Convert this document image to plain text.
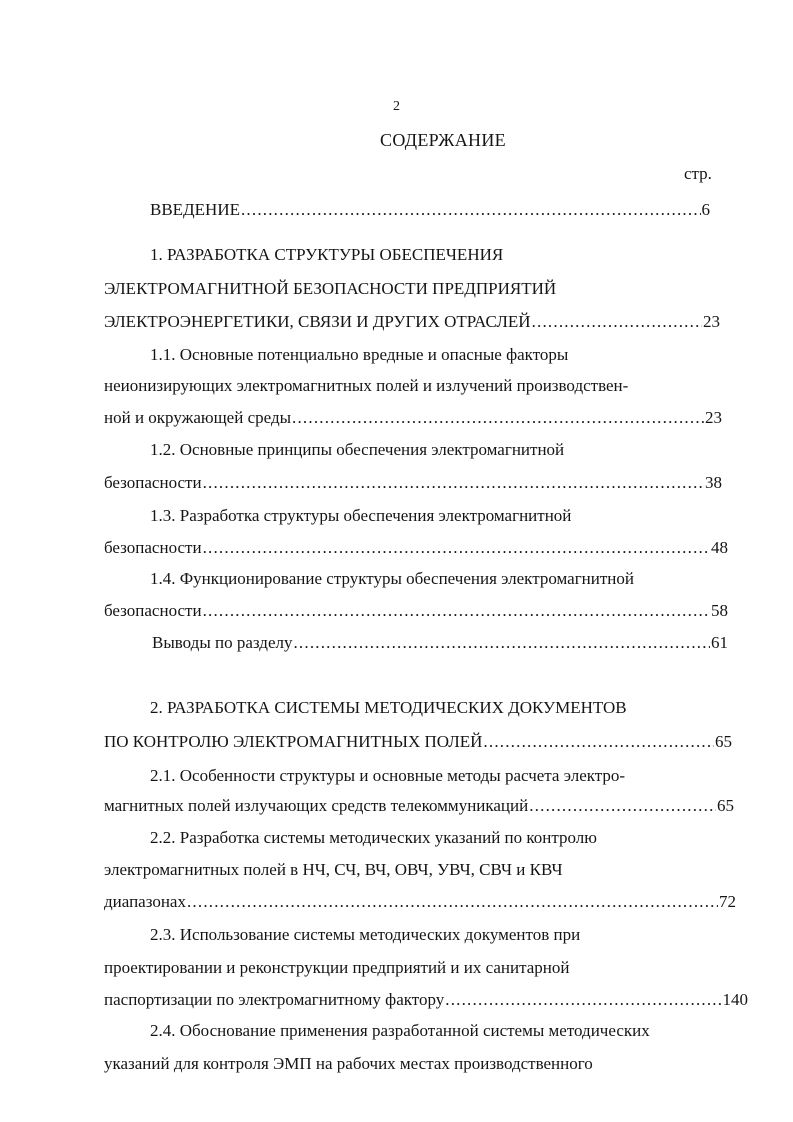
2
СОДЕРЖАНИЕ
стр.
ВВЕДЕНИЕ .....	6
1. РАЗРАБОТКА СТРУКТУРЫ ОБЕСПЕЧЕНИЯ
ЭЛЕКТРОМАГНИТНОЙ БЕЗОПАСНОСТИ ПРЕДПРИЯТИЙ
ЭЛЕКТРОЭНЕРГЕТИКИ, СВЯЗИ И ДРУГИХ ОТРАСЛЕЙ .....	23
1.1. Основные потенциально вредные и опасные факторы
неионизирующих электромагнитных полей и излучений производствен-
ной и окружающей среды .....	23
1.2. Основные принципы обеспечения электромагнитной
безопасности .....	38
1.3. Разработка структуры обеспечения электромагнитной
безопасности .....	48
1.4. Функционирование структуры обеспечения электромагнитной
безопасности .....	58
Выводы по разделу .....	61
2. РАЗРАБОТКА СИСТЕМЫ МЕТОДИЧЕСКИХ ДОКУМЕНТОВ
ПО КОНТРОЛЮ ЭЛЕКТРОМАГНИТНЫХ ПОЛЕЙ .....	65
2.1. Особенности структуры и основные методы расчета электро-
магнитных полей излучающих средств телекоммуникаций .....	65
2.2. Разработка системы методических указаний по контролю
электромагнитных полей в НЧ, СЧ, ВЧ, ОВЧ, УВЧ, СВЧ и КВЧ
диапазонах .....	72
2.3. Использование системы методических документов при
проектировании и реконструкции предприятий и их санитарной
паспортизации по электромагнитному фактору .....	140
2.4. Обоснование применения разработанной системы методических
указаний для контроля ЭМП на рабочих местах производственного
